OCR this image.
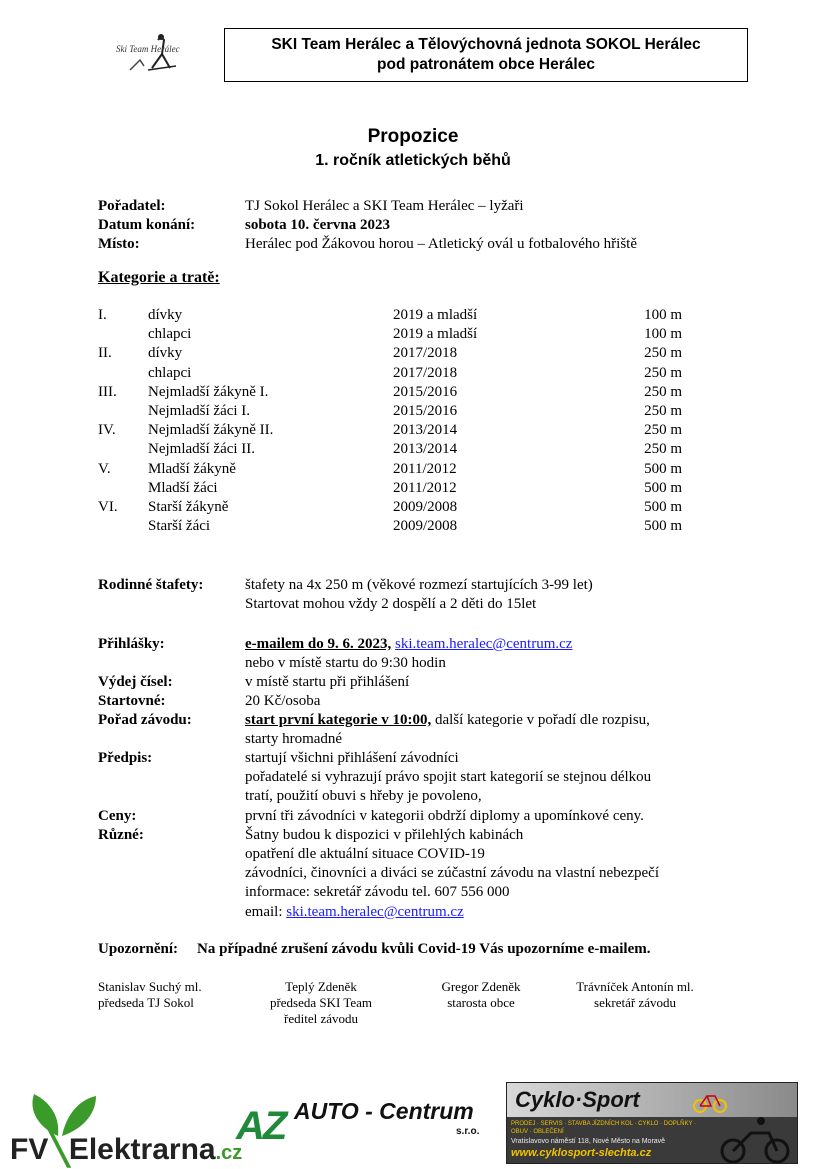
Ski Team Herálec	SKI Team Herálec a Tělovýchovná jednota SOKOL Herálec
pod patronátem obce Herálec
Propozice
1. ročník atletických běhů
Pořadatel:	TJ Sokol Herálec a SKI Team Herálec – lyžaři
Datum konání:	sobota 10. června 2023
Místo:	Herálec pod Žákovou horou – Atletický ovál u fotbalového hřiště
Kategorie a tratě:
I.	dívky	2019 a mladší	100 m
chlapci	2019 a mladší	100 m
II. dívky	2017/2018	250 m
chlapci	2017/2018	250 m
III. Nejmladší žákyně I.	2015/2016	250 m
Nejmladší žáci I.	2015/2016	250 m
IV. Nejmladší žákyně II.	2013/2014	250 m
Nejmladší žáci II.	2013/2014	250 m
V. Mladší žákyně	2011/2012	500 m
Mladší žáci	2011/2012	500 m
VI. Starší žákyně	2009/2008	500 m
Starší žáci	2009/2008	500 m
Rodinné štafety:	štafety na 4x 250 m (věkové rozmezí startujících 3-99 let)
Startovat mohou vždy 2 dospělí a 2 děti do 15let
Přihlášky:	e-mailem do 9. 6. 2023, ski.team.heralec@centrum.cz
nebo v místě startu do 9:30 hodin
Výdej čísel:	v místě startu při přihlášení
Startovné:	20 Kč/osoba
Pořad závodu:	start první kategorie v 10:00, další kategorie v pořadí dle rozpisu,
starty hromadné
Předpis:	startují všichni přihlášení závodníci
pořadatelé si vyhrazují právo spojit start kategorií se stejnou délkou
tratí, použití obuvi s hřeby je povoleno,
Ceny:	první tři závodníci v kategorii obdrží diplomy a upomínkové ceny.
Různé:	Šatny budou k dispozici v přilehlých kabinách
opatření dle aktuální situace COVID-19
závodníci, činovníci a diváci se zúčastní závodu na vlastní nebezpečí
informace: sekretář závodu tel. 607 556 000
email: ski.team.heralec@centrum.cz
Upozornění: Na případné zrušení závodu kvůli Covid-19 Vás upozorníme e-mailem.
Stanislav Suchý ml.
předseda TJ Sokol
Teplý Zdeněk
předseda SKI Team
ředitel závodu
Gregor Zdeněk
starosta obce
Trávníček Antonín ml.
sekretář závodu
FV╲Elektrarna.cz
AZ AUTO - Centrum
s.r.o.
Cyklo·Sport
PRODEJ · SERVIS · STAVBA JÍZDNÍCH KOL · CYKLO · DOPLŇKY · OBUV · OBLEČENÍ
Vratislavovo náměstí 118, Nové Město na Moravě
www.cyklosport-slechta.cz
